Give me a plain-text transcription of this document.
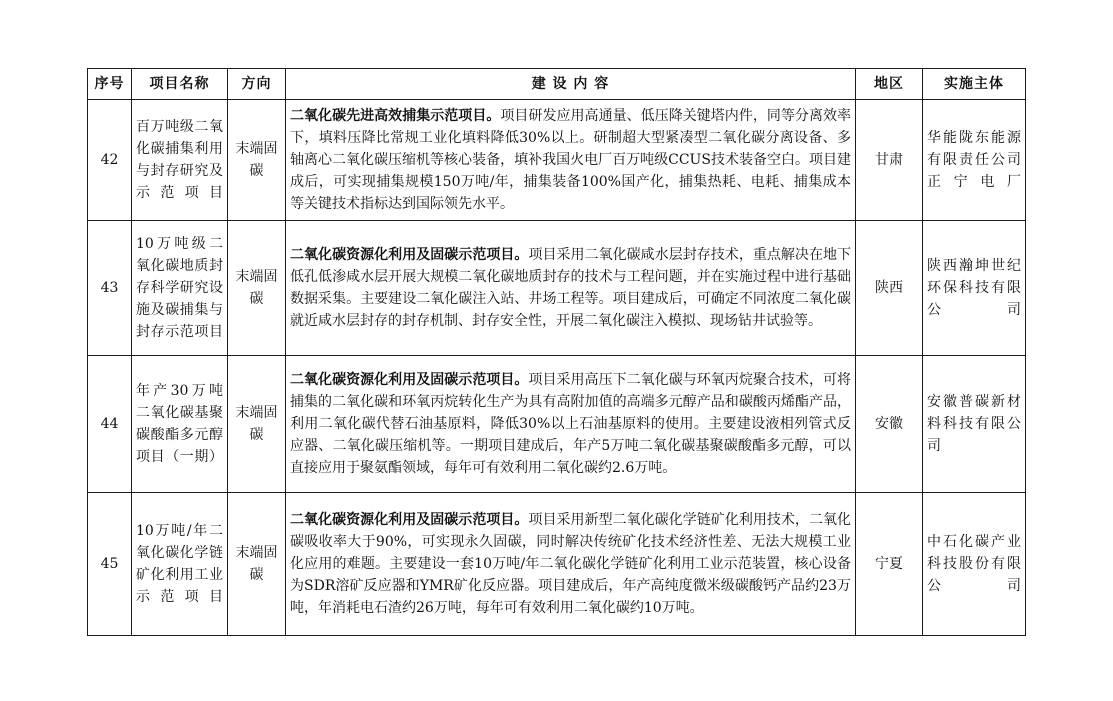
序号	项目名称	方向	建 设 内 容	地区	实施主体
42	百万吨级二氧化碳捕集利用与封存研究及示范项目	末端固碳	二氧化碳先进高效捕集示范项目。项目研发应用高通量、低压降关键塔内件，同等分离效率下，填料压降比常规工业化填料降低30%以上。研制超大型紧凑型二氧化碳分离设备、多轴离心二氧化碳压缩机等核心装备，填补我国火电厂百万吨级CCUS技术装备空白。项目建成后，可实现捕集规模150万吨/年，捕集装备100%国产化，捕集热耗、电耗、捕集成本等关键技术指标达到国际领先水平。	甘肃	华能陇东能源有限责任公司正宁电厂
43	10万吨级二氧化碳地质封存科学研究设施及碳捕集与封存示范项目	末端固碳	二氧化碳资源化利用及固碳示范项目。项目采用二氧化碳咸水层封存技术，重点解决在地下低孔低渗咸水层开展大规模二氧化碳地质封存的技术与工程问题，并在实施过程中进行基础数据采集。主要建设二氧化碳注入站、井场工程等。项目建成后，可确定不同浓度二氧化碳就近咸水层封存的封存机制、封存安全性，开展二氧化碳注入模拟、现场钻井试验等。	陕西	陕西瀚坤世纪环保科技有限公司
44	年产30万吨二氧化碳基聚碳酸酯多元醇项目（一期）	末端固碳	二氧化碳资源化利用及固碳示范项目。项目采用高压下二氧化碳与环氧丙烷聚合技术，可将捕集的二氧化碳和环氧丙烷转化生产为具有高附加值的高端多元醇产品和碳酸丙烯酯产品，利用二氧化碳代替石油基原料，降低30%以上石油基原料的使用。主要建设液相列管式反应器、二氧化碳压缩机等。一期项目建成后，年产5万吨二氧化碳基聚碳酸酯多元醇，可以直接应用于聚氨酯领域，每年可有效利用二氧化碳约2.6万吨。	安徽	安徽普碳新材料科技有限公司
45	10万吨/年二氧化碳化学链矿化利用工业示范项目	末端固碳	二氧化碳资源化利用及固碳示范项目。项目采用新型二氧化碳化学链矿化利用技术，二氧化碳吸收率大于90%，可实现永久固碳，同时解决传统矿化技术经济性差、无法大规模工业化应用的难题。主要建设一套10万吨/年二氧化碳化学链矿化利用工业示范装置，核心设备为SDR溶矿反应器和YMR矿化反应器。项目建成后，年产高纯度微米级碳酸钙产品约23万吨，年消耗电石渣约26万吨，每年可有效利用二氧化碳约10万吨。	宁夏	中石化碳产业科技股份有限公司
